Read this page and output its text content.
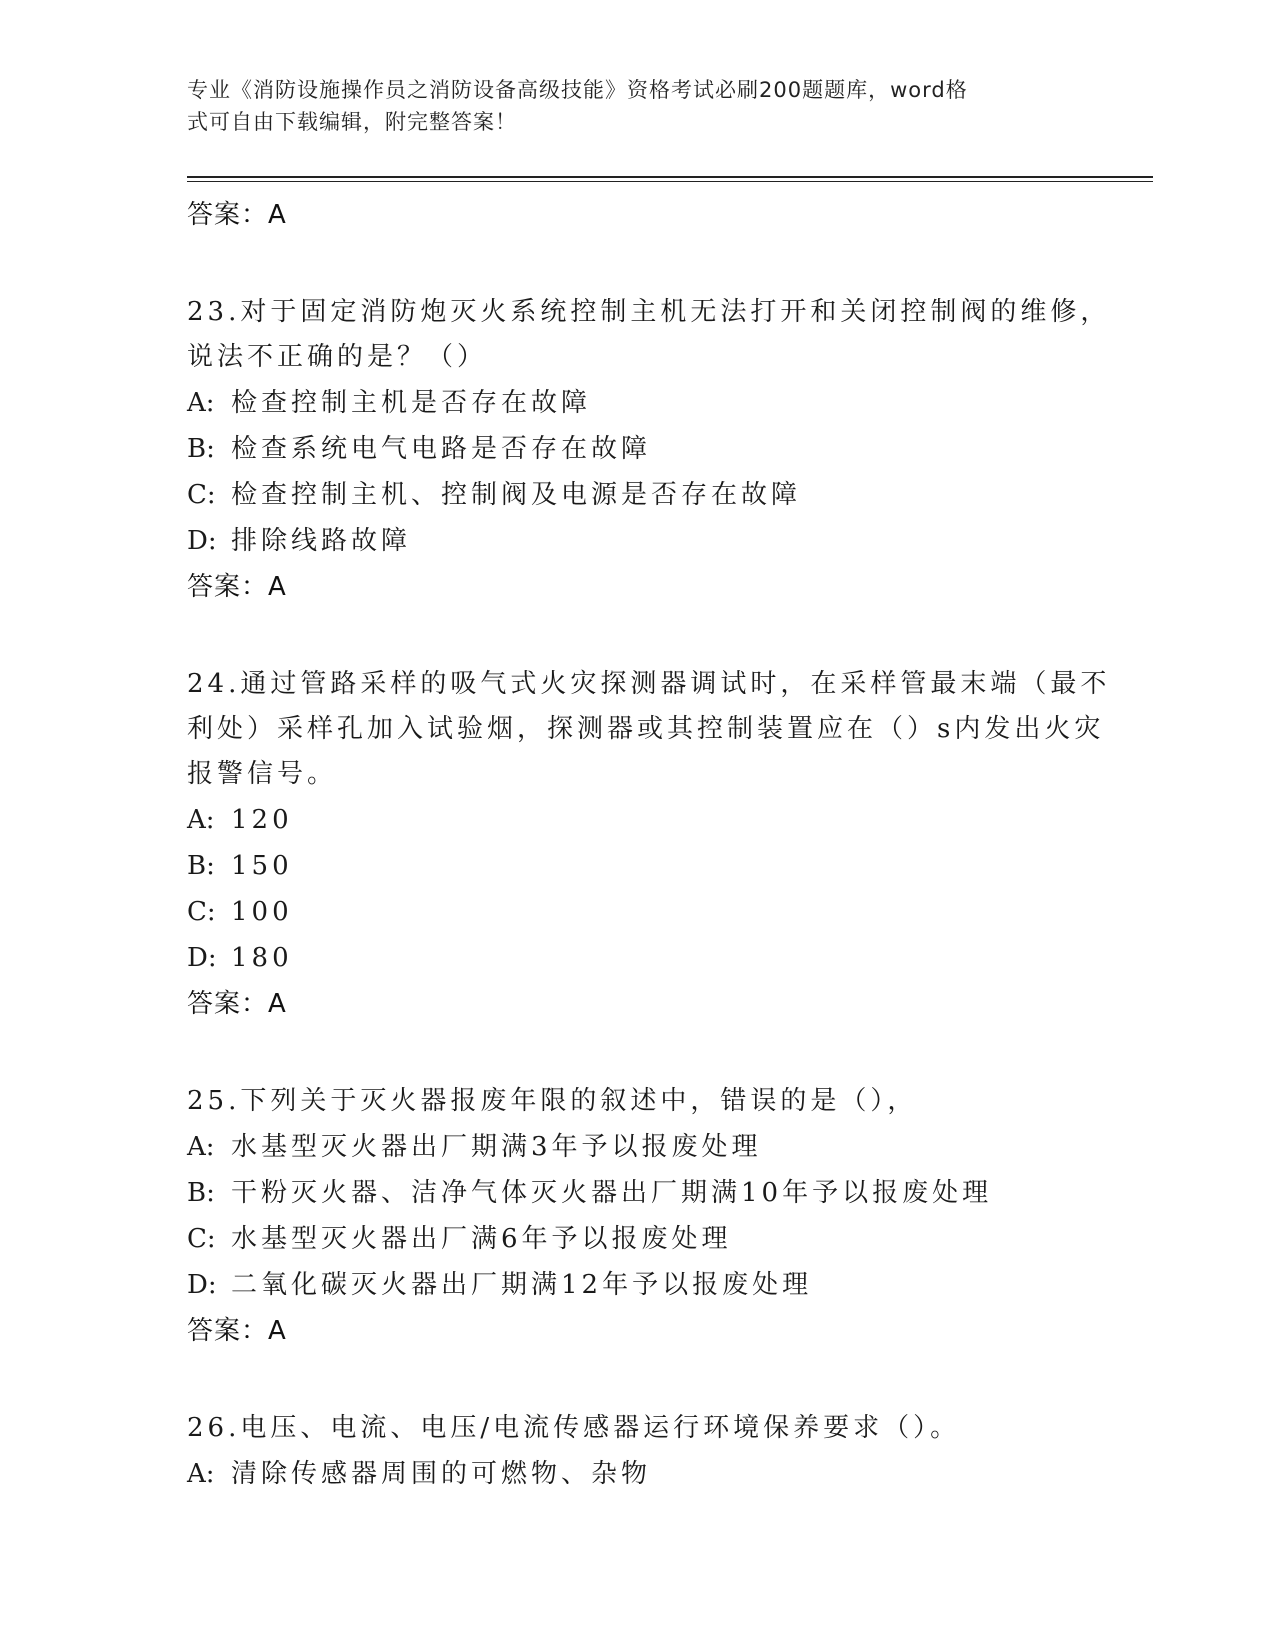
专业《消防设施操作员之消防设备高级技能》资格考试必刷200题题库，word格
式可自由下载编辑，附完整答案！
答案：A
23.对于固定消防炮灭火系统控制主机无法打开和关闭控制阀的维修，
说法不正确的是？（）
A: 检查控制主机是否存在故障
B: 检查系统电气电路是否存在故障
C: 检查控制主机、控制阀及电源是否存在故障
D: 排除线路故障
答案：A
24.通过管路采样的吸气式火灾探测器调试时，在采样管最末端（最不
利处）采样孔加入试验烟，探测器或其控制装置应在（）s内发出火灾
报警信号。
A: 120
B: 150
C: 100
D: 180
答案：A
25.下列关于灭火器报废年限的叙述中，错误的是（），
A: 水基型灭火器出厂期满3年予以报废处理
B: 干粉灭火器、洁净气体灭火器出厂期满10年予以报废处理
C: 水基型灭火器出厂满6年予以报废处理
D: 二氧化碳灭火器出厂期满12年予以报废处理
答案：A
26.电压、电流、电压/电流传感器运行环境保养要求（）。
A: 清除传感器周围的可燃物、杂物
